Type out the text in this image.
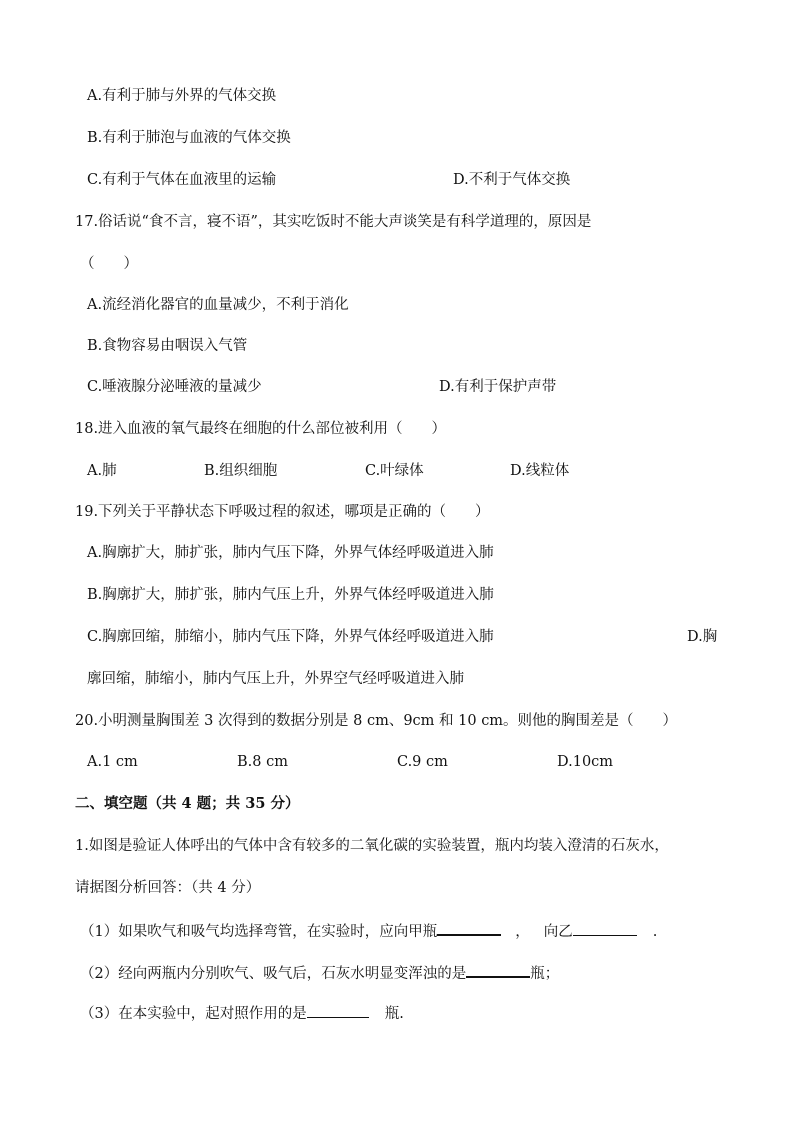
A.有利于肺与外界的气体交换
B.有利于肺泡与血液的气体交换
C.有利于气体在血液里的运输	D.不利于气体交换
17.俗话说“食不言，寝不语”，其实吃饭时不能大声谈笑是有科学道理的，原因是
（　　）
A.流经消化器官的血量减少，不利于消化
B.食物容易由咽误入气管
C.唾液腺分泌唾液的量减少	D.有利于保护声带
18.进入血液的氧气最终在细胞的什么部位被利用（　　）
A.肺	B.组织细胞	C.叶绿体	D.线粒体
19.下列关于平静状态下呼吸过程的叙述，哪项是正确的（　　）
A.胸廓扩大，肺扩张，肺内气压下降，外界气体经呼吸道进入肺
B.胸廓扩大，肺扩张，肺内气压上升，外界气体经呼吸道进入肺
C.胸廓回缩，肺缩小，肺内气压下降，外界气体经呼吸道进入肺	D.胸
廓回缩，肺缩小，肺内气压上升，外界空气经呼吸道进入肺
20.小明测量胸围差 3 次得到的数据分别是 8 cm、9cm 和 10 cm。则他的胸围差是（　　）
A.1 cm	B.8 cm	C.9 cm	D.10cm
二、填空题（共 4 题；共 35 分）
1.如图是验证人体呼出的气体中含有较多的二氧化碳的实验装置，瓶内均装入澄清的石灰水，
请据图分析回答：（共 4 分）
（1）如果吹气和吸气均选择弯管，在实验时，应向甲瓶	， 向乙	.
（2）经向两瓶内分别吹气、吸气后，石灰水明显变浑浊的是	瓶；
（3）在本实验中，起对照作用的是	瓶.
